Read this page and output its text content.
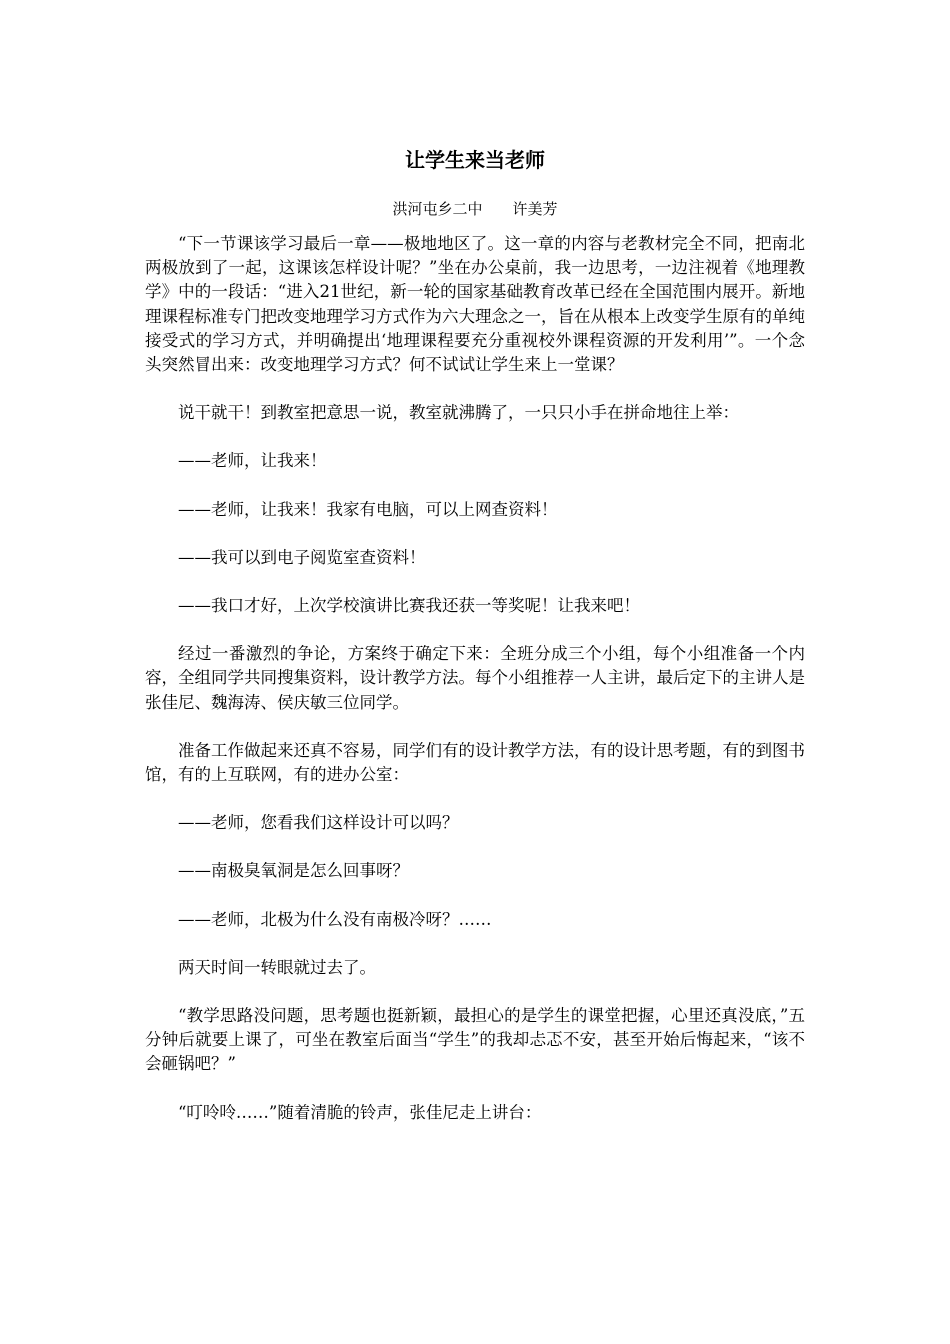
让学生来当老师
洪河屯乡二中　　许美芳

“下一节课该学习最后一章——极地地区了。这一章的内容与老教材完全不同，把南北两极放到了一起，这课该怎样设计呢？”坐在办公桌前，我一边思考，一边注视着《地理教学》中的一段话：“进入21世纪，新一轮的国家基础教育改革已经在全国范围内展开。新地理课程标准专门把改变地理学习方式作为六大理念之一，旨在从根本上改变学生原有的单纯接受式的学习方式，并明确提出‘地理课程要充分重视校外课程资源的开发利用’”。一个念头突然冒出来：改变地理学习方式？何不试试让学生来上一堂课？

说干就干！到教室把意思一说，教室就沸腾了，一只只小手在拼命地往上举：

——老师，让我来！

——老师，让我来！我家有电脑，可以上网查资料！

——我可以到电子阅览室查资料！

——我口才好，上次学校演讲比赛我还获一等奖呢！让我来吧！

经过一番激烈的争论，方案终于确定下来：全班分成三个小组，每个小组准备一个内容，全组同学共同搜集资料，设计教学方法。每个小组推荐一人主讲，最后定下的主讲人是张佳尼、魏海涛、侯庆敏三位同学。

准备工作做起来还真不容易，同学们有的设计教学方法，有的设计思考题，有的到图书馆，有的上互联网，有的进办公室：

——老师，您看我们这样设计可以吗？

——南极臭氧洞是怎么回事呀？

——老师，北极为什么没有南极冷呀？……

两天时间一转眼就过去了。

“教学思路没问题，思考题也挺新颖，最担心的是学生的课堂把握，心里还真没底，”五分钟后就要上课了，可坐在教室后面当“学生”的我却忐忑不安，甚至开始后悔起来，“该不会砸锅吧？”

“叮呤呤……”随着清脆的铃声，张佳尼走上讲台：
